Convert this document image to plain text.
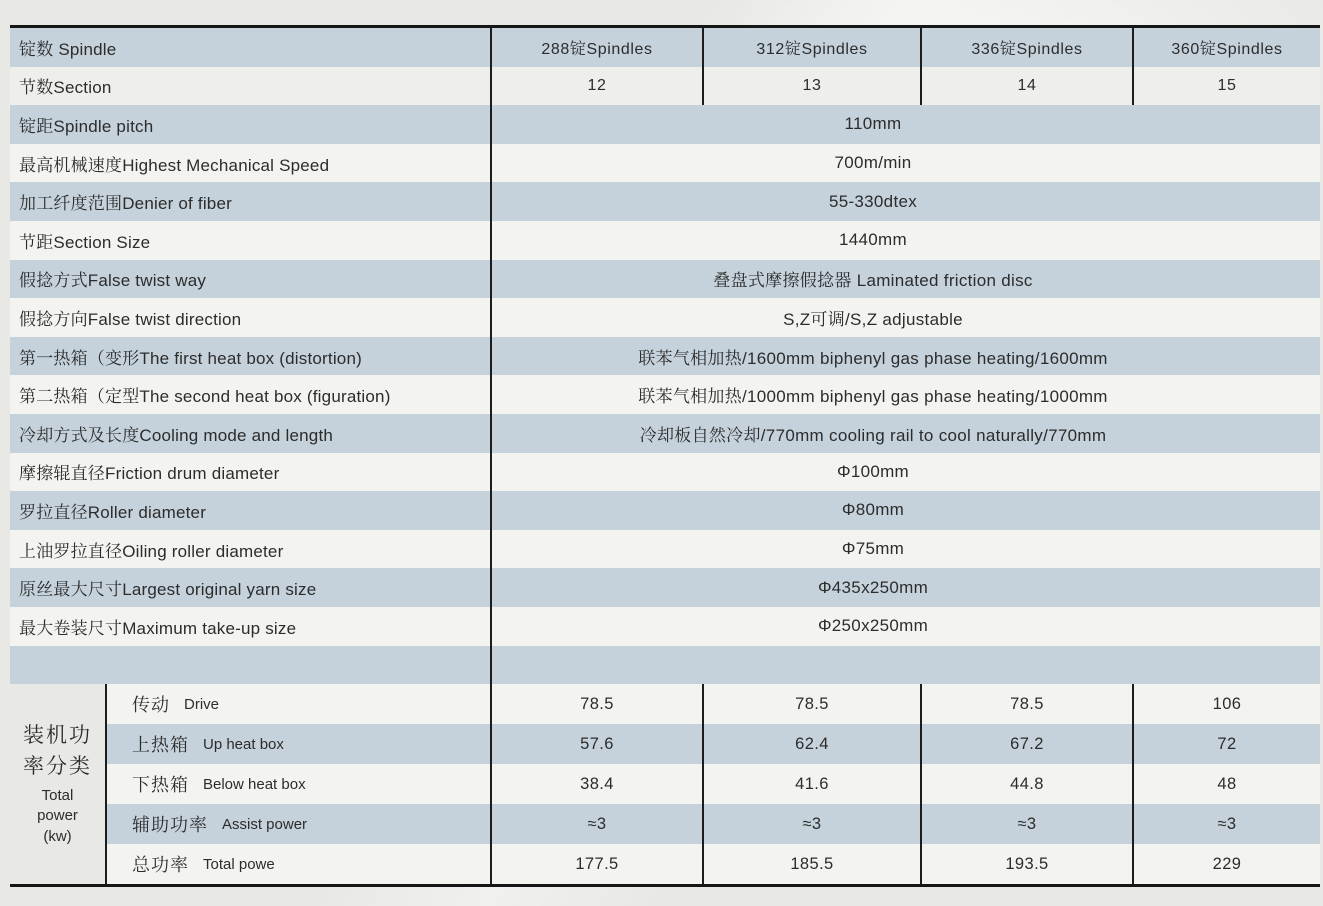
锭数 Spindle	288锭Spindles	312锭Spindles	336锭Spindles	360锭Spindles
节数Section	12	13	14	15
锭距Spindle pitch	110mm
最高机械速度Highest Mechanical Speed	700m/min
加工纤度范围Denier of fiber	55-330dtex
节距Section Size	1440mm
假捻方式False twist way	叠盘式摩擦假捻器 Laminated friction disc
假捻方向False twist direction	S,Z可调/S,Z adjustable
第一热箱（变形The first heat box (distortion)	联苯气相加热/1600mm biphenyl gas phase heating/1600mm
第二热箱（定型The second heat box (figuration)	联苯气相加热/1000mm biphenyl gas phase heating/1000mm
冷却方式及长度Cooling mode and length	冷却板自然冷却/770mm cooling rail to cool naturally/770mm
摩擦辊直径Friction drum diameter	Φ100mm
罗拉直径Roller diameter	Φ80mm
上油罗拉直径Oiling roller diameter	Φ75mm
原丝最大尺寸Largest original yarn size	Φ435x250mm
最大卷装尺寸Maximum take-up size	Φ250x250mm
装机功率分类
Total power (kw)
传动 Drive	78.5	78.5	78.5	106
上热箱 Up heat box	57.6	62.4	67.2	72
下热箱 Below heat box	38.4	41.6	44.8	48
辅助功率 Assist power	≈3	≈3	≈3	≈3
总功率 Total powe	177.5	185.5	193.5	229
